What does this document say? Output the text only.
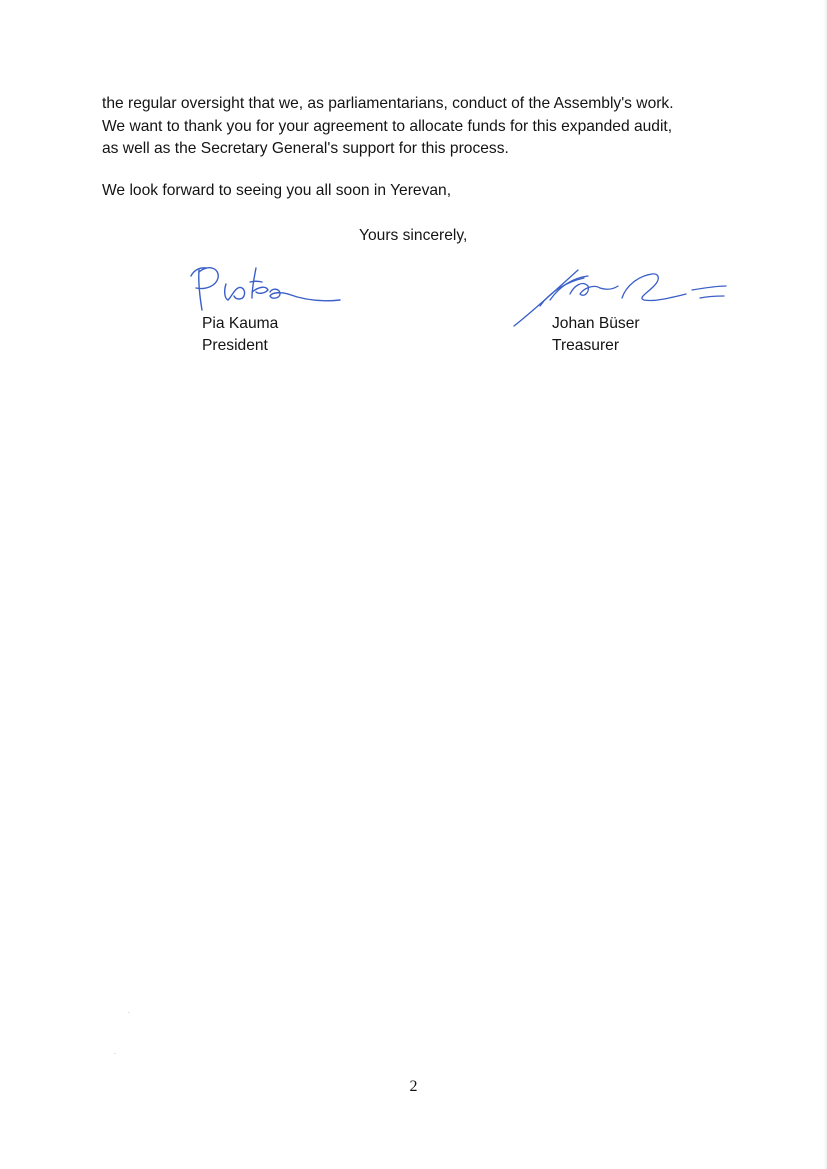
the regular oversight that we, as parliamentarians, conduct of the Assembly's work.
We want to thank you for your agreement to allocate funds for this expanded audit,
as well as the Secretary General's support for this process.

We look forward to seeing you all soon in Yerevan,

Yours sincerely,

Pia Kauma
President
Johan Büser
Treasurer
2
